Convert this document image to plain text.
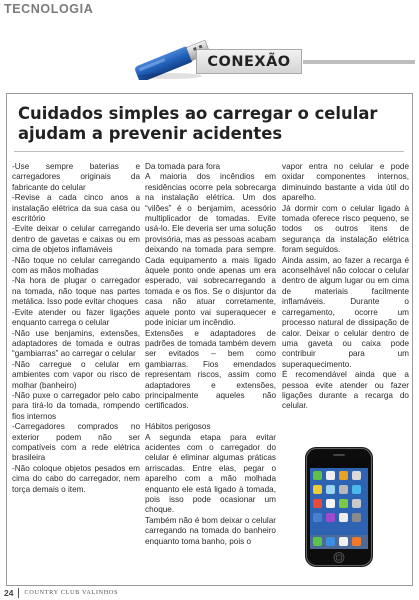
TECNOLOGIA
CONEXÃO
Cuidados simples ao carregar o celular ajudam a prevenir acidentes

-Use sempre baterias e carregadores originais da fabricante do celular

-Revise a cada cinco anos a instalação elétrica da sua casa ou escritório

-Evite deixar o celular carregando dentro de gavetas e caixas ou em cima de objetos inflamáveis

-Não toque no celular carregando com as mãos molhadas

-Na hora de plugar o carregador na tomada, não toque nas partes metálica. Isso pode evitar choques

-Evite atender ou fazer ligações enquanto carrega o celular

-Não use benjamins, extensões, adaptadores de tomada e outras “gambiarras” ao carregar o celular

-Não carregue o celular em ambientes com vapor ou risco de molhar (banheiro)

-Não puxe o carregador pelo cabo para tirá-lo da tomada, rompendo fios internos

-Carregadores comprados no exterior podem não ser compatíveis com a rede elétrica brasileira

-Não coloque objetos pesados em cima do cabo do carregador, nem torça demais o item.

Da tomada para fora

A maioria dos incêndios em residências ocorre pela sobrecarga na instalação elétrica. Um dos “vilões” é o benjamim, acessório multiplicador de tomadas. Evite usá-lo. Ele deveria ser uma solução provisória, mas as pessoas acabam deixando na tomada para sempre. Cada equipamento a mais ligado àquele ponto onde apenas um era esperado, vai sobrecarregando a tomada e os fios. Se o disjuntor da casa não atuar corretamente, aquele ponto vai superaquecer e pode iniciar um incêndio.

Extensões e adaptadores de padrões de tomada também devem ser evitados – bem como gambiarras. Fios emendados representam riscos, assim como adaptadores e extensões, principalmente aqueles não certificados.

Hábitos perigosos

A segunda etapa para evitar acidentes com o carregador do celular é eliminar algumas práticas arriscadas. Entre elas, pegar o aparelho com a mão molhada enquanto ele está ligado à tomada, pois isso pode ocasionar um choque.

Também não é bom deixar o celular carregando na tomada do banheiro enquanto toma banho, pois o

vapor entra no celular e pode oxidar componentes internos, diminuindo bastante a vida útil do aparelho.

Já dormir com o celular ligado à tomada oferece risco pequeno, se todos os outros itens de segurança da instalação elétrica foram seguidos.

Ainda assim, ao fazer a recarga é aconselhável não colocar o celular dentro de algum lugar ou em cima de materiais facilmente inflamáveis. Durante o carregamento, ocorre um processo natural de dissipação de calor. Deixar o celular dentro de uma gaveta ou caixa pode contribuir para um superaquecimento.

É recomendável ainda que a pessoa evite atender ou fazer ligações durante a recarga do celular.

24 COUNTRY CLUB VALINHOS
